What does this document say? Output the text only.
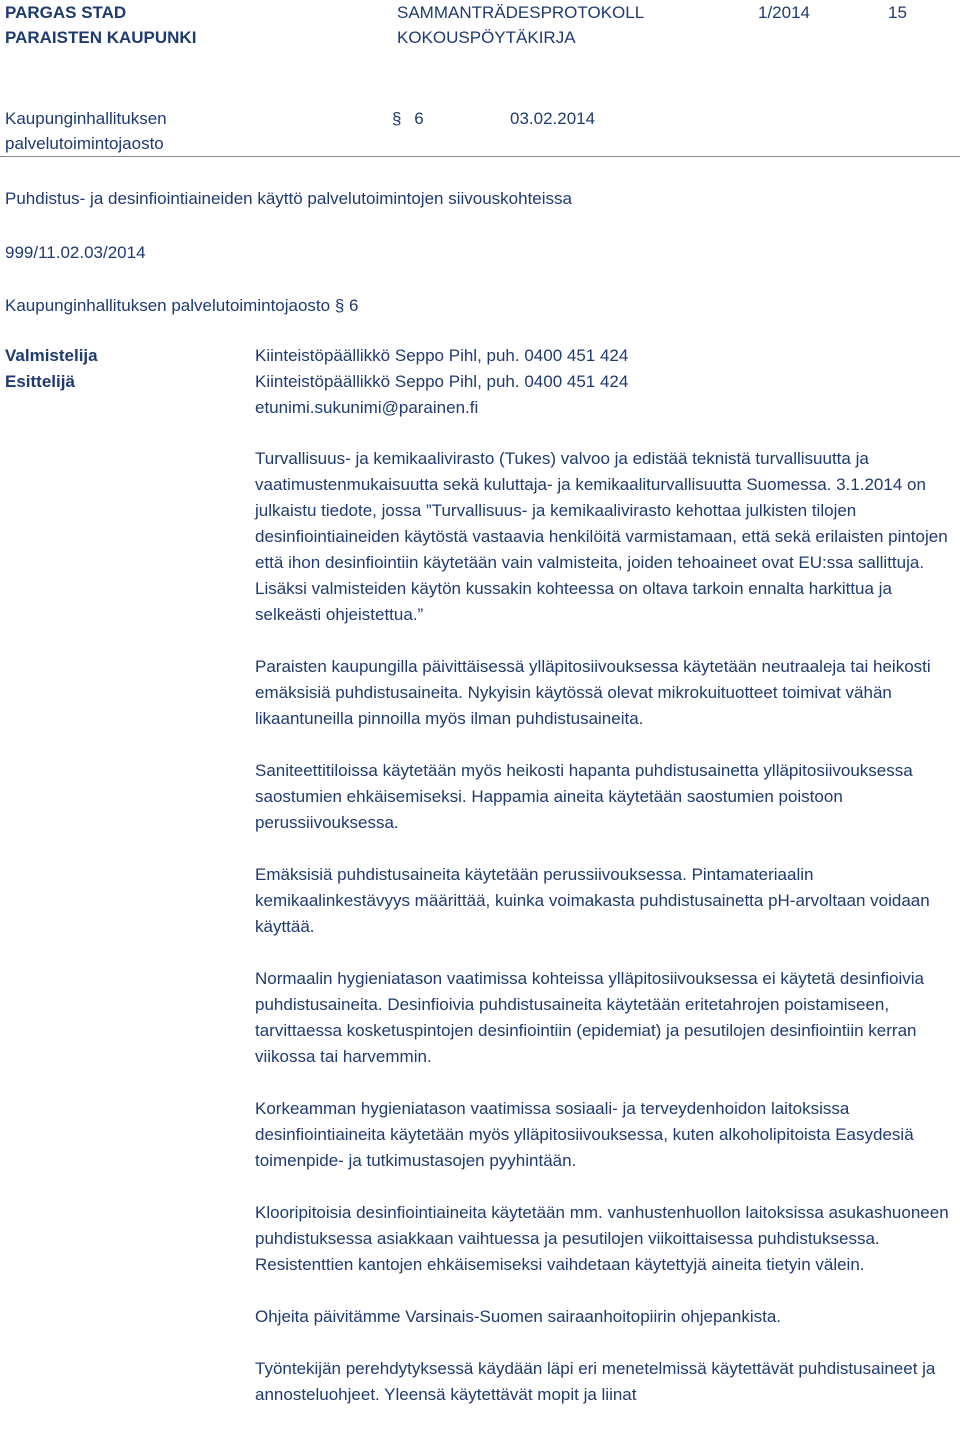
PARGAS STAD
PARAISTEN KAUPUNKI
SAMMANTRÄDESPROTOKOLL
KOKOUSPÖYTÄKIRJA
1/2014	15
Kaupunginhallituksen
palvelutoimintojaosto
§ 6	03.02.2014
Puhdistus- ja desinfiointiaineiden käyttö palvelutoimintojen siivouskohteissa
999/11.02.03/2014
Kaupunginhallituksen palvelutoimintojaosto § 6
Valmistelija	Kiinteistöpäällikkö Seppo Pihl, puh. 0400 451 424
Esittelijä	Kiinteistöpäällikkö Seppo Pihl, puh. 0400 451 424
etunimi.sukunimi@parainen.fi

Turvallisuus- ja kemikaalivirasto (Tukes) valvoo ja edistää teknistä turvallisuutta ja vaatimustenmukaisuutta sekä kuluttaja- ja kemikaaliturvallisuutta Suomessa. 3.1.2014 on julkaistu tiedote, jossa ”Turvallisuus- ja kemikaalivirasto kehottaa julkisten tilojen desinfiointiaineiden käytöstä vastaavia henkilöitä varmistamaan, että sekä erilaisten pintojen että ihon desinfiointiin käytetään vain valmisteita, joiden tehoaineet ovat EU:ssa sallittuja. Lisäksi valmisteiden käytön kussakin kohteessa on oltava tarkoin ennalta harkittua ja selkeästi ohjeistettua.”

Paraisten kaupungilla päivittäisessä ylläpitosiivouksessa käytetään neutraaleja tai heikosti emäksisiä puhdistusaineita. Nykyisin käytössä olevat mikrokuituotteet toimivat vähän likaantuneilla pinnoilla myös ilman puhdistusaineita.

Saniteettitiloissa käytetään myös heikosti hapanta puhdistusainetta ylläpitosiivouksessa saostumien ehkäisemiseksi. Happamia aineita käytetään saostumien poistoon perussiivouksessa.

Emäksisiä puhdistusaineita käytetään perussiivouksessa. Pintamateriaalin kemikaalinkestävyys määrittää, kuinka voimakasta puhdistusainetta pH-arvoltaan voidaan käyttää.

Normaalin hygieniatason vaatimissa kohteissa ylläpitosiivouksessa ei käytetä desinfioivia puhdistusaineita. Desinfioivia puhdistusaineita käytetään eritetahrojen poistamiseen, tarvittaessa kosketuspintojen desinfiointiin (epidemiat) ja pesutilojen desinfiointiin kerran viikossa tai harvemmin.

Korkeamman hygieniatason vaatimissa sosiaali- ja terveydenhoidon laitoksissa desinfiointiaineita käytetään myös ylläpitosiivouksessa, kuten alkoholipitoista Easydesiä toimenpide- ja tutkimustasojen pyyhintään.

Klooripitoisia desinfiointiaineita käytetään mm. vanhustenhuollon laitoksissa asukashuoneen puhdistuksessa asiakkaan vaihtuessa ja pesutilojen viikoittaisessa puhdistuksessa. Resistenttien kantojen ehkäisemiseksi vaihdetaan käytettyjä aineita tietyin välein.

Ohjeita päivitämme Varsinais-Suomen sairaanhoitopiirin ohjepankista.

Työntekijän perehdytyksessä käydään läpi eri menetelmissä käytettävät puhdistusaineet ja annosteluohjeet. Yleensä käytettävät mopit ja liinat
